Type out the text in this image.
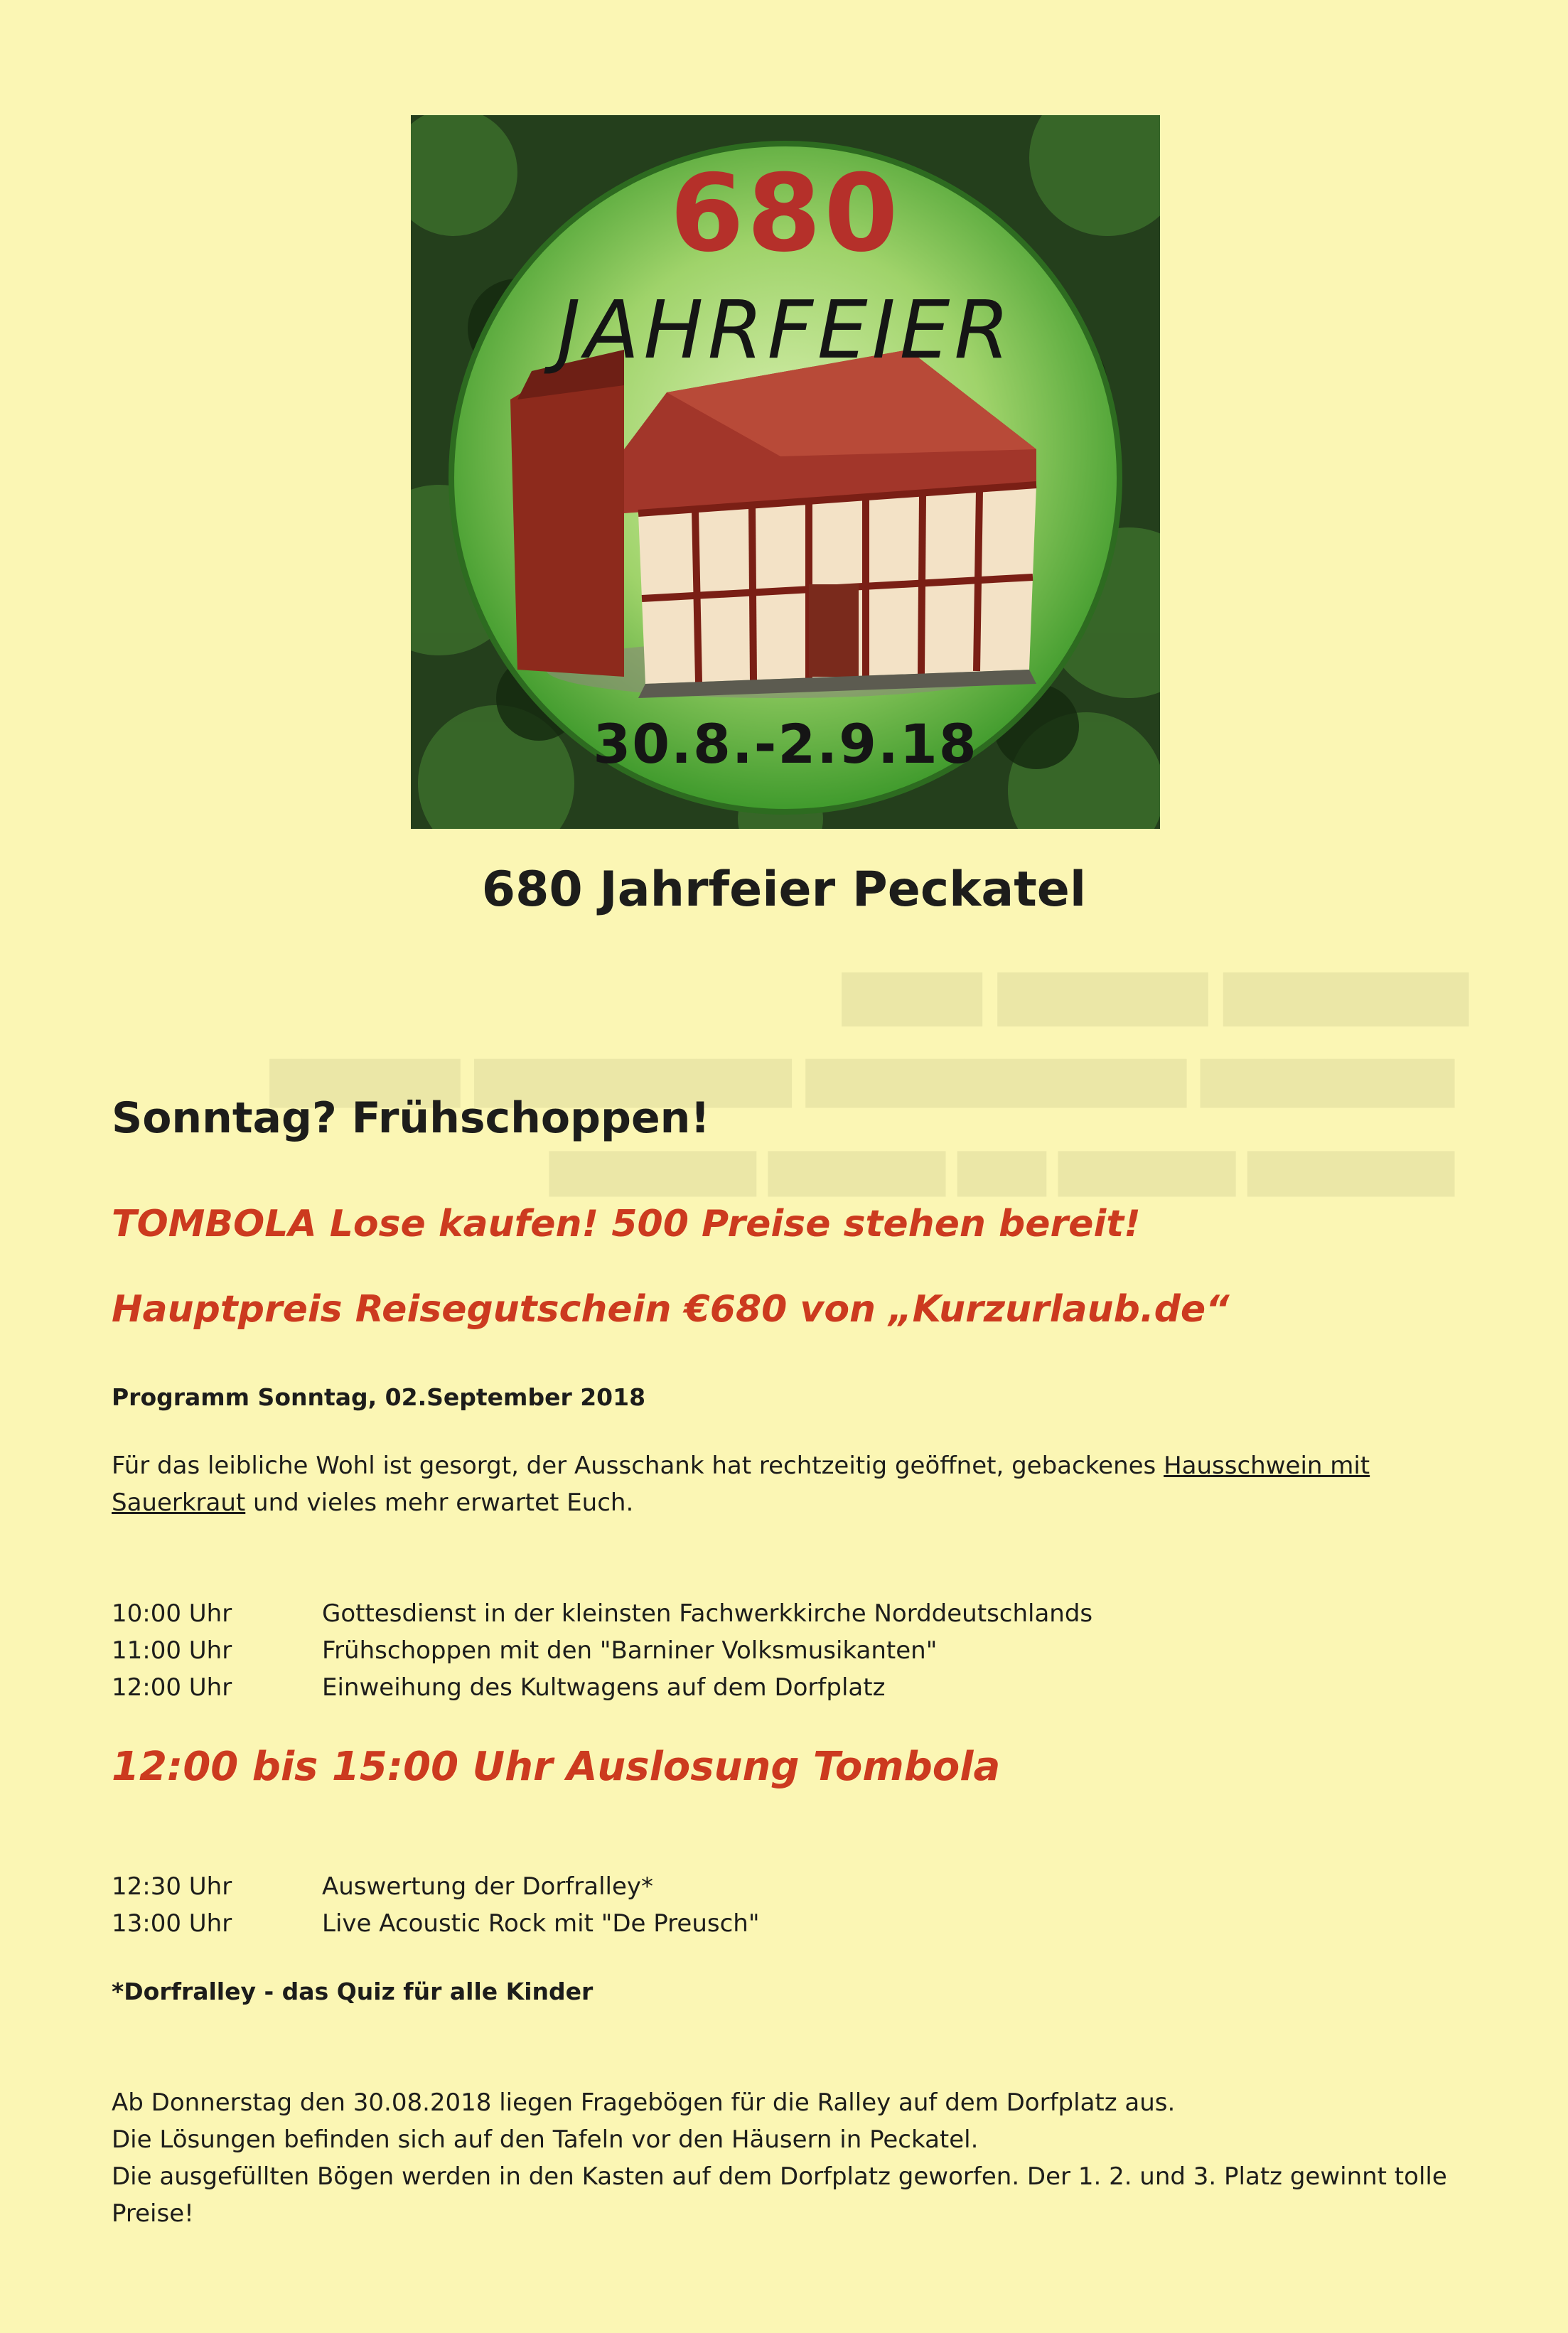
███████ ██████ ████
████████ ████████████ ██████████ ██████
███████ ██████ ███ ██████ ███████
680
JAHRFEIER
30.8.-2.9.18
680 Jahrfeier Peckatel
Sonntag? Frühschoppen!
TOMBOLA Lose kaufen! 500 Preise stehen bereit!
Hauptpreis Reisegutschein €680 von „Kurzurlaub.de“
Programm Sonntag, 02.September 2018
Für das leibliche Wohl ist gesorgt, der Ausschank hat rechtzeitig geöffnet, gebackenes Hausschwein mit Sauerkraut und vieles mehr erwartet Euch.
10:00 Uhr	Gottesdienst in der kleinsten Fachwerkkirche Norddeutschlands
11:00 Uhr	Frühschoppen mit den "Barniner Volksmusikanten"
12:00 Uhr	Einweihung des Kultwagens auf dem Dorfplatz
12:00 bis 15:00 Uhr Auslosung Tombola
12:30 Uhr	Auswertung der Dorfralley*
13:00 Uhr	Live Acoustic Rock mit "De Preusch"
*Dorfralley - das Quiz für alle Kinder
Ab Donnerstag den 30.08.2018 liegen Fragebögen für die Ralley auf dem Dorfplatz aus.
Die Lösungen befinden sich auf den Tafeln vor den Häusern in Peckatel.
Die ausgefüllten Bögen werden in den Kasten auf dem Dorfplatz geworfen. Der 1. 2. und 3. Platz gewinnt tolle Preise!
